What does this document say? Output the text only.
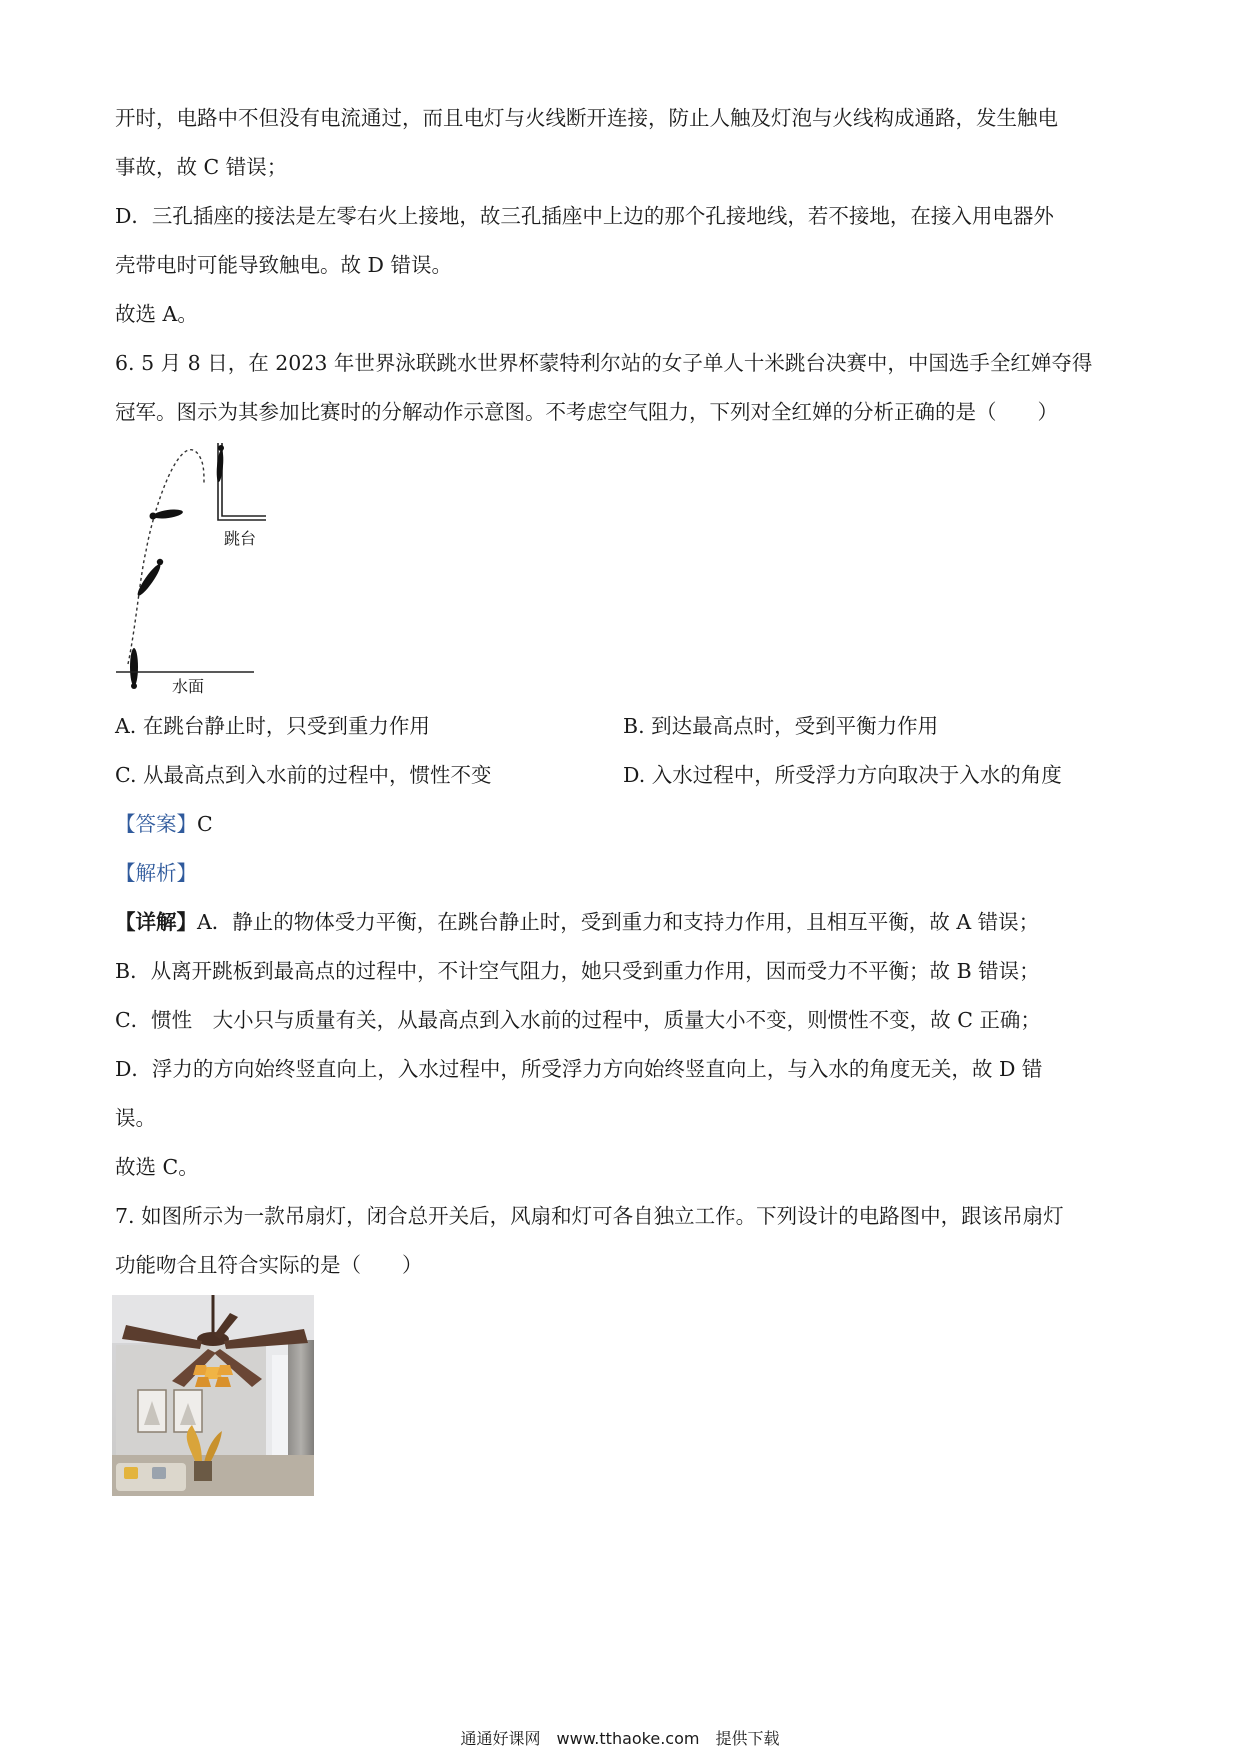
开时，电路中不但没有电流通过，而且电灯与火线断开连接，防止人触及灯泡与火线构成通路，发生触电

事故，故 C 错误；

D．三孔插座的接法是左零右火上接地，故三孔插座中上边的那个孔接地线，若不接地，在接入用电器外

壳带电时可能导致触电。故 D 错误。

故选 A。

6. 5 月 8 日，在 2023 年世界泳联跳水世界杯蒙特利尔站的女子单人十米跳台决赛中，中国选手全红婵夺得

冠军。图示为其参加比赛时的分解动作示意图。不考虑空气阻力，下列对全红婵的分析正确的是（　　）

跳台
水面
A. 在跳台静止时，只受到重力作用	B. 到达最高点时，受到平衡力作用
C. 从最高点到入水前的过程中，惯性不变	D. 入水过程中，所受浮力方向取决于入水的角度

【答案】C

【解析】

【详解】A．静止的物体受力平衡，在跳台静止时，受到重力和支持力作用，且相互平衡，故 A 错误；

B．从离开跳板到最高点的过程中，不计空气阻力，她只受到重力作用，因而受力不平衡；故 B 错误；

C．惯性　大小只与质量有关，从最高点到入水前的过程中，质量大小不变，则惯性不变，故 C 正确；

D．浮力的方向始终竖直向上，入水过程中，所受浮力方向始终竖直向上，与入水的角度无关，故 D 错

误。

故选 C。

7. 如图所示为一款吊扇灯，闭合总开关后，风扇和灯可各自独立工作。下列设计的电路图中，跟该吊扇灯

功能吻合且符合实际的是（　　）

通通好课网　www.tthaoke.com　提供下载
